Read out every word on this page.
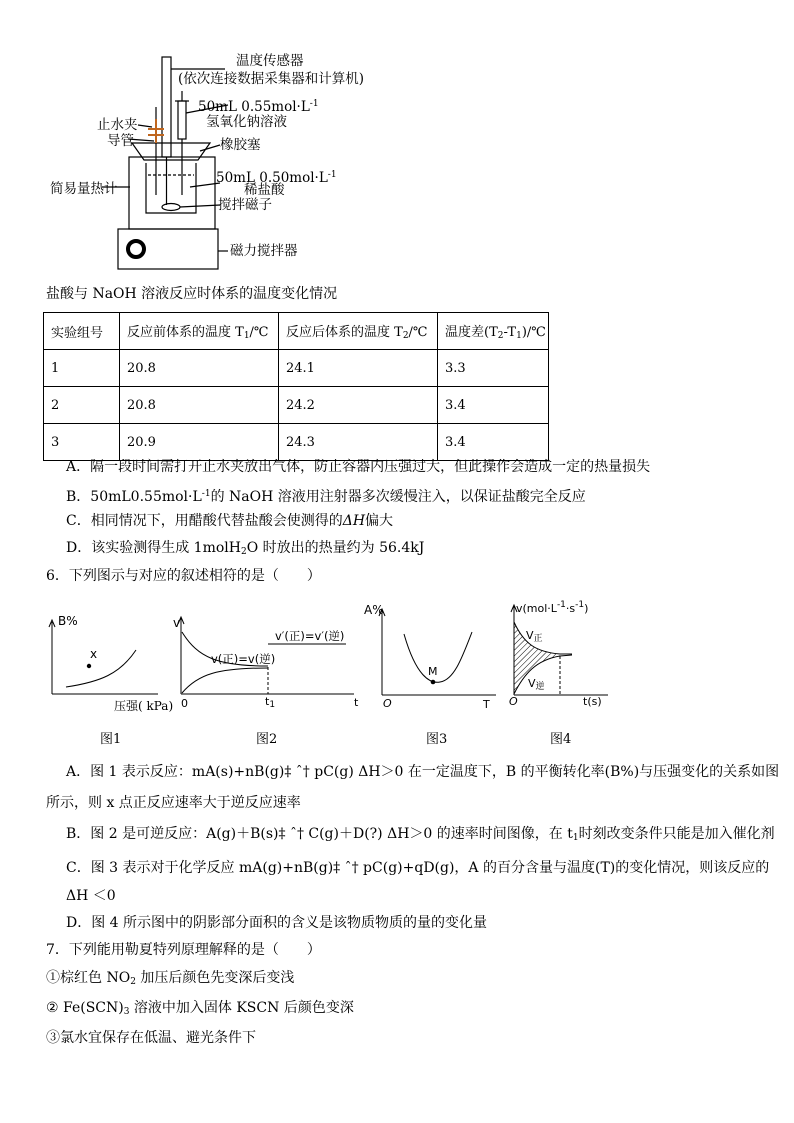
温度传感器
(依次连接数据采集器和计算机)
50mL $0.55mol\cdot L^{-1}$
氢氧化钠溶液
止水夹
导管	橡胶塞
50mL $0.50mol\cdot L^{-1}$
简易量热计	稀盐酸
搅拌磁子
磁力搅拌器
盐酸与 NaOH 溶液反应时体系的温度变化情况
实验组号	反应前体系的温度 $T_1/℃$	反应后体系的温度 $T_2/℃$	温度差$(T_2-T_1)/℃$
1	20.8	24.1	3.3
2	20.8	24.2	3.4
3	20.9	24.3	3.4
A．隔一段时间需打开止水夹放出气体，防止容器内压强过大，但此操作会造成一定的热量损失
B．$50mL0.55mol\cdot L^{-1}$的 NaOH 溶液用注射器多次缓慢注入，以保证盐酸完全反应
C．相同情况下，用醋酸代替盐酸会使测得的ΔH偏大
D．该实验测得生成 1molH$_2$O 时放出的热量约为 56.4kJ
6．下列图示与对应的叙述相符的是（　　）
B%
x
压强( kPa)
图1
v
v(正)=v(逆)
v′(正)=v′(逆)
0	$t_1$	t
图2
A%
M
O	T
图3
$v(mol\cdot L^{-1}\cdot s^{-1})$
$V_正$
$V_逆$
O	t(s)
图4
A．图 1 表示反应：mA(s)+nB(g)‡ ˆ† pC(g) ΔH＞0 在一定温度下，B 的平衡转化率(B%)与压强变化的关系如图
所示，则 x 点正反应速率大于逆反应速率
B．图 2 是可逆反应：A(g)＋B(s)‡ ˆ† C(g)＋D(?) ΔH＞0 的速率时间图像，在 $t_1$时刻改变条件只能是加入催化剂
C．图 3 表示对于化学反应 mA(g)+nB(g)‡ ˆ† pC(g)+qD(g)，A 的百分含量与温度(T)的变化情况，则该反应的
ΔH ＜0
D．图 4 所示图中的阴影部分面积的含义是该物质物质的量的变化量
7．下列能用勒夏特列原理解释的是（　　）
①棕红色 $NO_2$ 加压后颜色先变深后变浅
② $Fe(SCN)_3$ 溶液中加入固体 KSCN 后颜色变深
③氯水宜保存在低温、避光条件下
